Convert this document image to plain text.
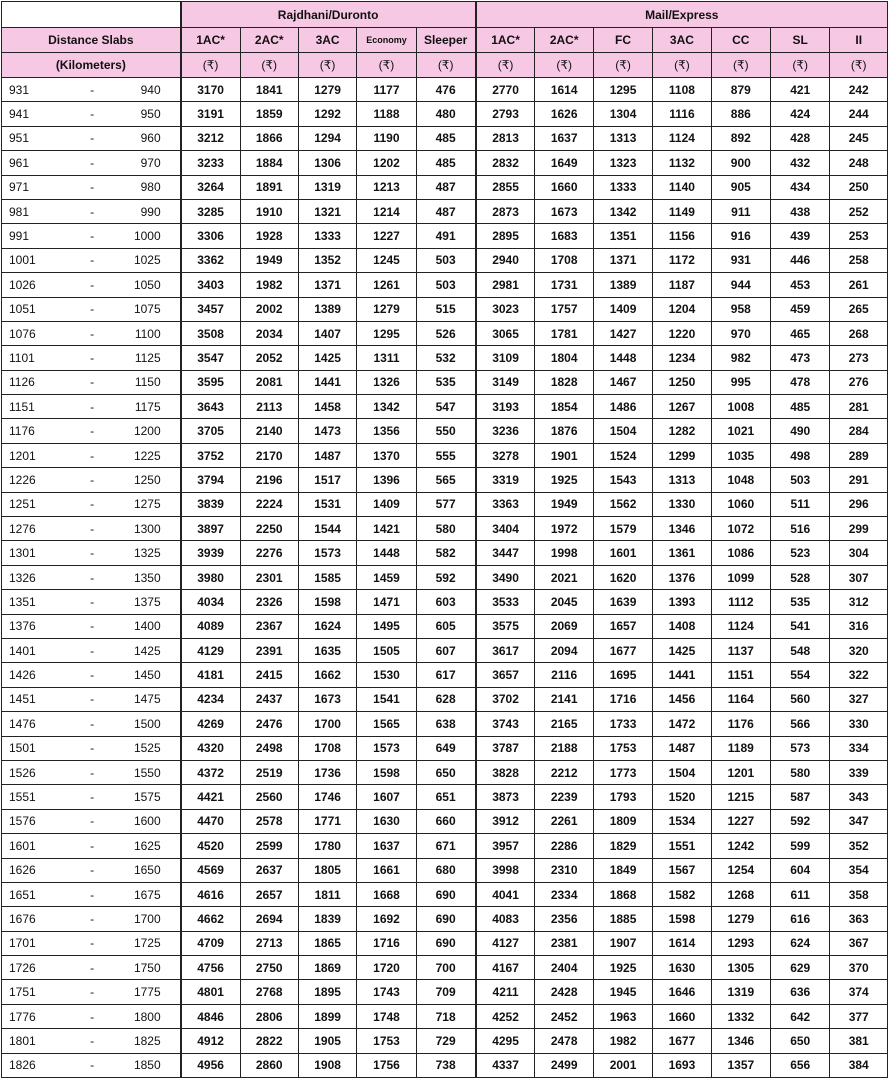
			Rajdhani/Duronto					Mail/Express						
Distance Slabs			1AC*	2AC*	3AC	Economy	Sleeper	1AC*	2AC*	FC	3AC	CC	SL	II
(Kilometers)			(₹)	(₹)	(₹)	(₹)	(₹)	(₹)	(₹)	(₹)	(₹)	(₹)	(₹)	(₹)
931	-	940	3170	1841	1279	1177	476	2770	1614	1295	1108	879	421	242
941	-	950	3191	1859	1292	1188	480	2793	1626	1304	1116	886	424	244
951	-	960	3212	1866	1294	1190	485	2813	1637	1313	1124	892	428	245
961	-	970	3233	1884	1306	1202	485	2832	1649	1323	1132	900	432	248
971	-	980	3264	1891	1319	1213	487	2855	1660	1333	1140	905	434	250
981	-	990	3285	1910	1321	1214	487	2873	1673	1342	1149	911	438	252
991	-	1000	3306	1928	1333	1227	491	2895	1683	1351	1156	916	439	253
1001	-	1025	3362	1949	1352	1245	503	2940	1708	1371	1172	931	446	258
1026	-	1050	3403	1982	1371	1261	503	2981	1731	1389	1187	944	453	261
1051	-	1075	3457	2002	1389	1279	515	3023	1757	1409	1204	958	459	265
1076	-	1100	3508	2034	1407	1295	526	3065	1781	1427	1220	970	465	268
1101	-	1125	3547	2052	1425	1311	532	3109	1804	1448	1234	982	473	273
1126	-	1150	3595	2081	1441	1326	535	3149	1828	1467	1250	995	478	276
1151	-	1175	3643	2113	1458	1342	547	3193	1854	1486	1267	1008	485	281
1176	-	1200	3705	2140	1473	1356	550	3236	1876	1504	1282	1021	490	284
1201	-	1225	3752	2170	1487	1370	555	3278	1901	1524	1299	1035	498	289
1226	-	1250	3794	2196	1517	1396	565	3319	1925	1543	1313	1048	503	291
1251	-	1275	3839	2224	1531	1409	577	3363	1949	1562	1330	1060	511	296
1276	-	1300	3897	2250	1544	1421	580	3404	1972	1579	1346	1072	516	299
1301	-	1325	3939	2276	1573	1448	582	3447	1998	1601	1361	1086	523	304
1326	-	1350	3980	2301	1585	1459	592	3490	2021	1620	1376	1099	528	307
1351	-	1375	4034	2326	1598	1471	603	3533	2045	1639	1393	1112	535	312
1376	-	1400	4089	2367	1624	1495	605	3575	2069	1657	1408	1124	541	316
1401	-	1425	4129	2391	1635	1505	607	3617	2094	1677	1425	1137	548	320
1426	-	1450	4181	2415	1662	1530	617	3657	2116	1695	1441	1151	554	322
1451	-	1475	4234	2437	1673	1541	628	3702	2141	1716	1456	1164	560	327
1476	-	1500	4269	2476	1700	1565	638	3743	2165	1733	1472	1176	566	330
1501	-	1525	4320	2498	1708	1573	649	3787	2188	1753	1487	1189	573	334
1526	-	1550	4372	2519	1736	1598	650	3828	2212	1773	1504	1201	580	339
1551	-	1575	4421	2560	1746	1607	651	3873	2239	1793	1520	1215	587	343
1576	-	1600	4470	2578	1771	1630	660	3912	2261	1809	1534	1227	592	347
1601	-	1625	4520	2599	1780	1637	671	3957	2286	1829	1551	1242	599	352
1626	-	1650	4569	2637	1805	1661	680	3998	2310	1849	1567	1254	604	354
1651	-	1675	4616	2657	1811	1668	690	4041	2334	1868	1582	1268	611	358
1676	-	1700	4662	2694	1839	1692	690	4083	2356	1885	1598	1279	616	363
1701	-	1725	4709	2713	1865	1716	690	4127	2381	1907	1614	1293	624	367
1726	-	1750	4756	2750	1869	1720	700	4167	2404	1925	1630	1305	629	370
1751	-	1775	4801	2768	1895	1743	709	4211	2428	1945	1646	1319	636	374
1776	-	1800	4846	2806	1899	1748	718	4252	2452	1963	1660	1332	642	377
1801	-	1825	4912	2822	1905	1753	729	4295	2478	1982	1677	1346	650	381
1826	-	1850	4956	2860	1908	1756	738	4337	2499	2001	1693	1357	656	384
